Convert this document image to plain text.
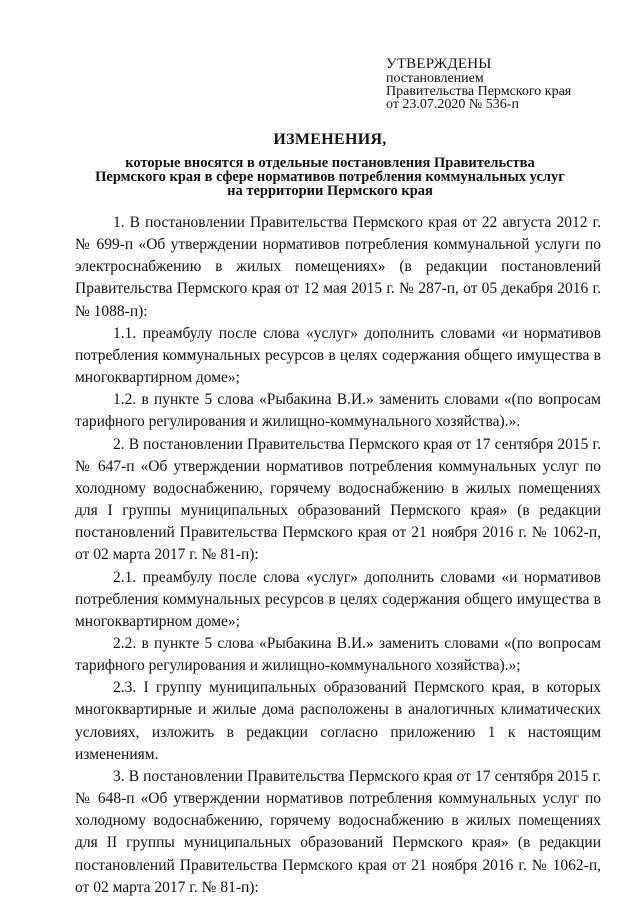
УТВЕРЖДЕНЫ
постановлением
Правительства Пермского края
от 23.07.2020 № 536-п
ИЗМЕНЕНИЯ,
которые вносятся в отдельные постановления Правительства
Пермского края в сфере нормативов потребления коммунальных услуг
на территории Пермского края

1. В постановлении Правительства Пермского края от 22 августа 2012 г. № 699-п «Об утверждении нормативов потребления коммунальной услуги по электроснабжению в жилых помещениях» (в редакции постановлений Правительства Пермского края от 12 мая 2015 г. № 287-п, от 05 декабря 2016 г. № 1088-п):

1.1. преамбулу после слова «услуг» дополнить словами «и нормативов потребления коммунальных ресурсов в целях содержания общего имущества в многоквартирном доме»;

1.2. в пункте 5 слова «Рыбакина В.И.» заменить словами «(по вопросам тарифного регулирования и жилищно-коммунального хозяйства).».

2. В постановлении Правительства Пермского края от 17 сентября 2015 г. № 647-п «Об утверждении нормативов потребления коммунальных услуг по холодному водоснабжению, горячему водоснабжению в жилых помещениях для I группы муниципальных образований Пермского края» (в редакции постановлений Правительства Пермского края от 21 ноября 2016 г. № 1062-п, от 02 марта 2017 г. № 81-п):

2.1. преамбулу после слова «услуг» дополнить словами «и нормативов потребления коммунальных ресурсов в целях содержания общего имущества в многоквартирном доме»;

2.2. в пункте 5 слова «Рыбакина В.И.» заменить словами «(по вопросам тарифного регулирования и жилищно-коммунального хозяйства).»;

2.3. I группу муниципальных образований Пермского края, в которых многоквартирные и жилые дома расположены в аналогичных климатических условиях, изложить в редакции согласно приложению 1 к настоящим изменениям.

3. В постановлении Правительства Пермского края от 17 сентября 2015 г. № 648-п «Об утверждении нормативов потребления коммунальных услуг по холодному водоснабжению, горячему водоснабжению в жилых помещениях для II группы муниципальных образований Пермского края» (в редакции постановлений Правительства Пермского края от 21 ноября 2016 г. № 1062-п, от 02 марта 2017 г. № 81-п):
